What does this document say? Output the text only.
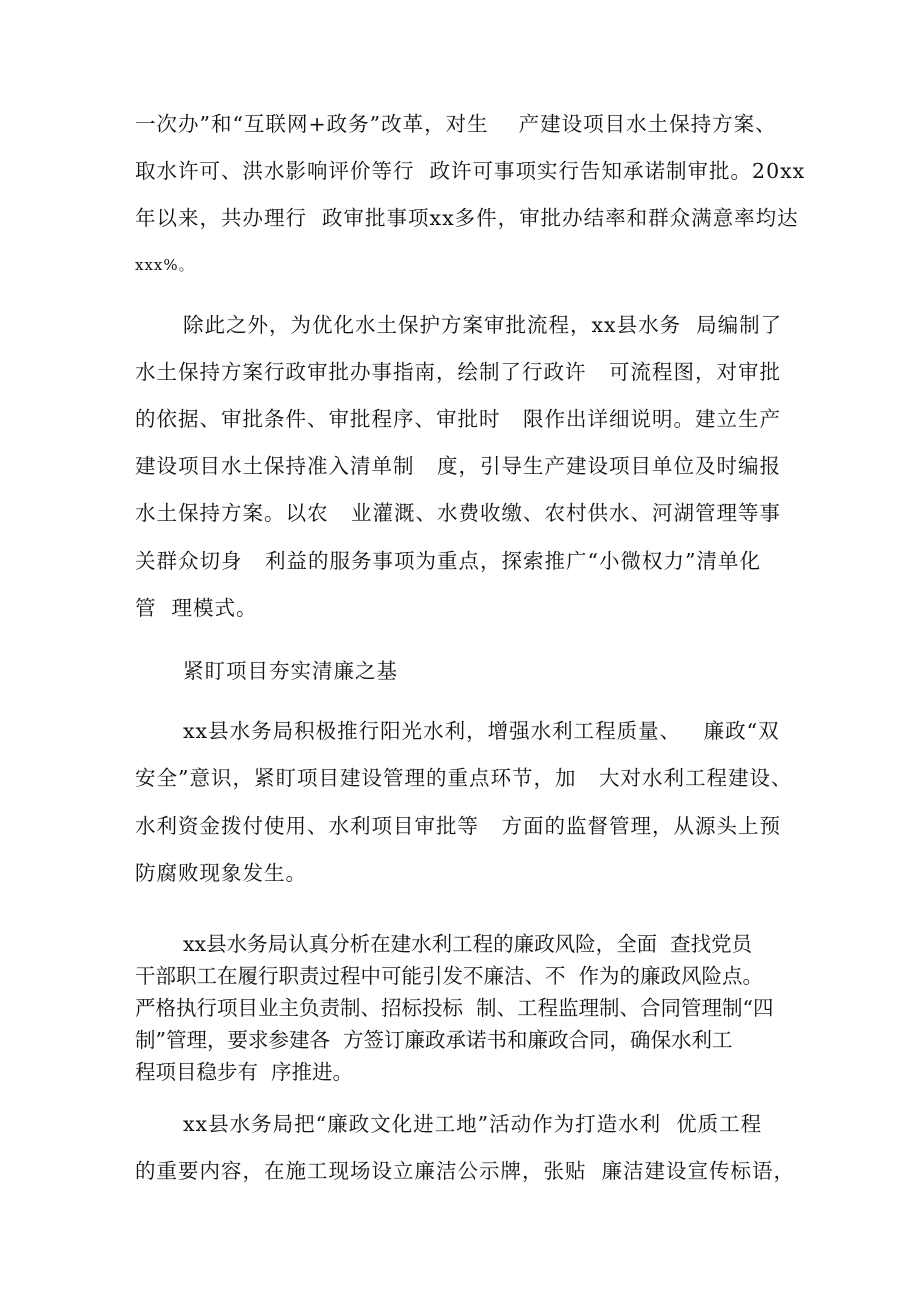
一次办”和“互联网+政务”改革，对生    产建设项目水土保持方案、
取水许可、洪水影响评价等行  政许可事项实行告知承诺制审批。20xx
年以来，共办理行  政审批事项xx多件，审批办结率和群众满意率均达
xxx%。
除此之外，为优化水土保护方案审批流程，xx县水务  局编制了
水土保持方案行政审批办事指南，绘制了行政许   可流程图，对审批
的依据、审批条件、审批程序、审批时   限作出详细说明。建立生产
建设项目水土保持准入清单制   度，引导生产建设项目单位及时编报
水土保持方案。以农   业灌溉、水费收缴、农村供水、河湖管理等事
关群众切身   利益的服务事项为重点，探索推广“小微权力”清单化
管  理模式。
紧盯项目夯实清廉之基
xx县水务局积极推行阳光水利，增强水利工程质量、   廉政“双
安全”意识，紧盯项目建设管理的重点环节，加   大对水利工程建设、
水利资金拨付使用、水利项目审批等   方面的监督管理，从源头上预
防腐败现象发生。
xx县水务局认真分析在建水利工程的廉政风险，全面  查找党员
干部职工在履行职责过程中可能引发不廉洁、不  作为的廉政风险点。
严格执行项目业主负责制、招标投标  制、工程监理制、合同管理制“四
制”管理，要求参建各  方签订廉政承诺书和廉政合同，确保水利工
程项目稳步有  序推进。
xx县水务局把“廉政文化进工地”活动作为打造水利  优质工程
的重要内容，在施工现场设立廉洁公示牌，张贴  廉洁建设宣传标语，
